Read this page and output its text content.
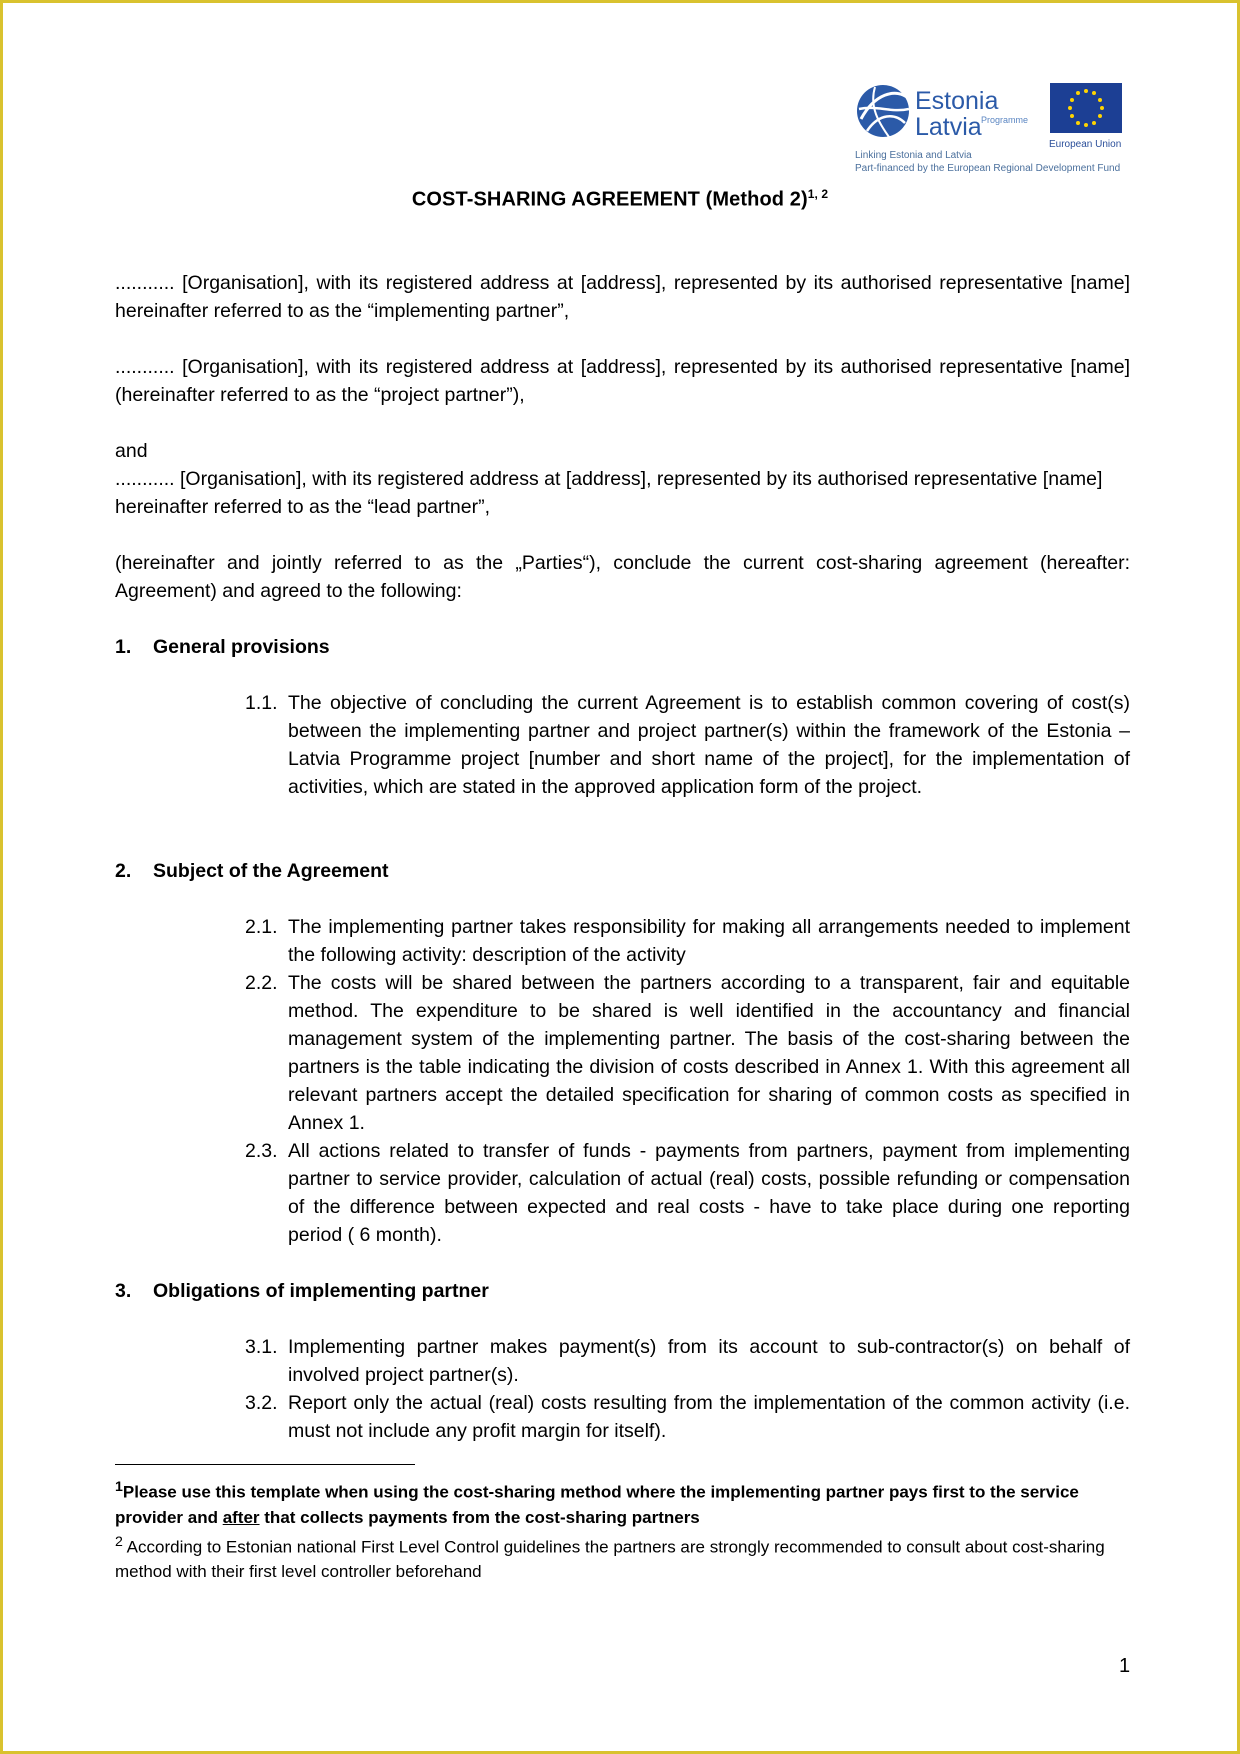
Estonia
Latvia Programme
European Union
Linking Estonia and Latvia
Part-financed by the European Regional Development Fund
COST-SHARING AGREEMENT (Method 2)$^{1, 2}$

........... [Organisation], with its registered address at [address], represented by its authorised representative [name] hereinafter referred to as the “implementing partner”,

........... [Organisation], with its registered address at [address], represented by its authorised representative [name] (hereinafter referred to as the “project partner”),

and

........... [Organisation], with its registered address at [address], represented by its authorised representative [name] hereinafter referred to as the “lead partner”,

(hereinafter and jointly referred to as the „Parties“), conclude the current cost-sharing agreement (hereafter: Agreement) and agreed to the following:

1.	General provisions
1.1. The objective of concluding the current Agreement is to establish common covering of cost(s) between the implementing partner and project partner(s) within the framework of the Estonia – Latvia Programme project [number and short name of the project], for the implementation of activities, which are stated in the approved application form of the project.
2.	Subject of the Agreement
2.1. The implementing partner takes responsibility for making all arrangements needed to implement the following activity: description of the activity
2.2. The costs will be shared between the partners according to a transparent, fair and equitable method. The expenditure to be shared is well identified in the accountancy and financial management system of the implementing partner. The basis of the cost-sharing between the partners is the table indicating the division of costs described in Annex 1. With this agreement all relevant partners accept the detailed specification for sharing of common costs as specified in Annex 1.
2.3. All actions related to transfer of funds - payments from partners, payment from implementing partner to service provider, calculation of actual (real) costs, possible refunding or compensation of the difference between expected and real costs - have to take place during one reporting period ( 6 month).
3.	Obligations of implementing partner
3.1. Implementing partner makes payment(s) from its account to sub-contractor(s) on behalf of involved project partner(s).
3.2. Report only the actual (real) costs resulting from the implementation of the common activity (i.e. must not include any profit margin for itself).

$^1$Please use this template when using the cost-sharing method where the implementing partner pays first to the service provider and after that collects payments from the cost-sharing partners

$^2$ According to Estonian national First Level Control guidelines the partners are strongly recommended to consult about cost-sharing method with their first level controller beforehand

1
